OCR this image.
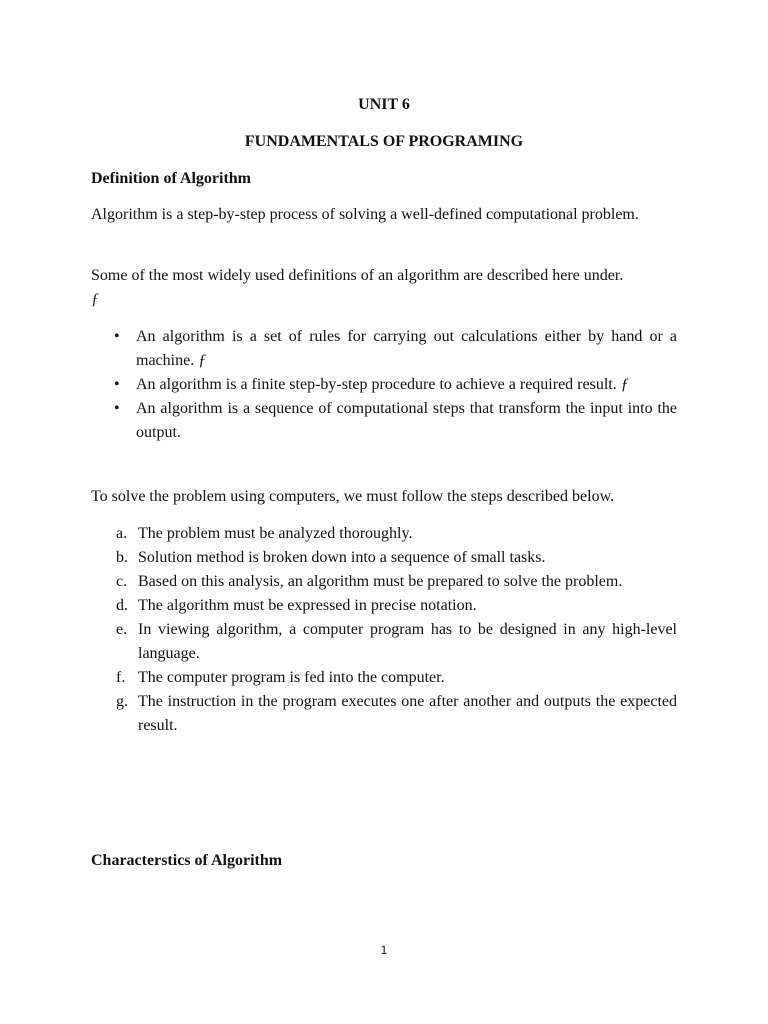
UNIT 6
FUNDAMENTALS OF PROGRAMING
Definition of Algorithm
Algorithm is a step-by-step process of solving a well-defined computational problem.
Some of the most widely used definitions of an algorithm are described here under.
ƒ
• An algorithm is a set of rules for carrying out calculations either by hand or a machine. ƒ
• An algorithm is a finite step-by-step procedure to achieve a required result. ƒ
• An algorithm is a sequence of computational steps that transform the input into the output.
To solve the problem using computers, we must follow the steps described below.
a. The problem must be analyzed thoroughly.
b. Solution method is broken down into a sequence of small tasks.
c. Based on this analysis, an algorithm must be prepared to solve the problem.
d. The algorithm must be expressed in precise notation.
e. In viewing algorithm, a computer program has to be designed in any high-level language.
f. The computer program is fed into the computer.
g. The instruction in the program executes one after another and outputs the expected result.
Characterstics of Algorithm
1
